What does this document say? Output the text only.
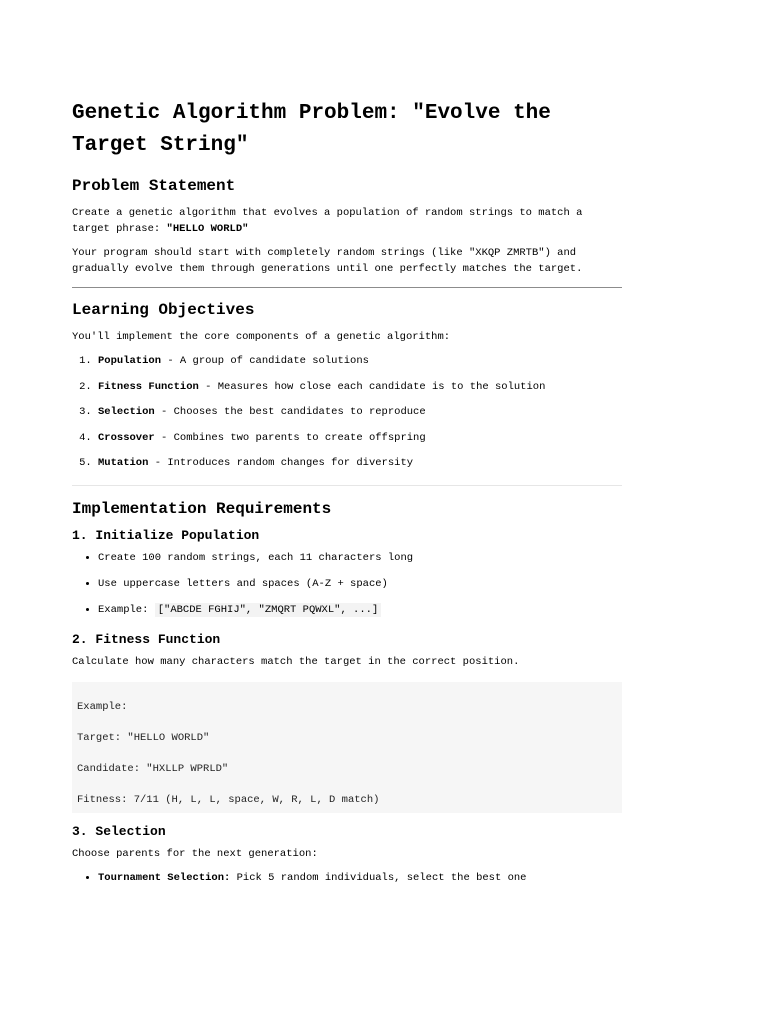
Genetic Algorithm Problem: "Evolve the Target String"
Problem Statement

Create a genetic algorithm that evolves a population of random strings to match a target phrase: "HELLO WORLD"

Your program should start with completely random strings (like "XKQP ZMRTB") and gradually evolve them through generations until one perfectly matches the target.

Learning Objectives

You'll implement the core components of a genetic algorithm:

1. Population - A group of candidate solutions
2. Fitness Function - Measures how close each candidate is to the solution
3. Selection - Chooses the best candidates to reproduce
4. Crossover - Combines two parents to create offspring
5. Mutation - Introduces random changes for diversity
Implementation Requirements
1. Initialize Population
• Create 100 random strings, each 11 characters long
• Use uppercase letters and spaces (A-Z + space)
• Example: ["ABCDE FGHIJ", "ZMQRT PQWXL", ...]
2. Fitness Function

Calculate how many characters match the target in the correct position.

Example:
Target: "HELLO WORLD"
Candidate: "HXLLP WPRLD"
Fitness: 7/11 (H, L, L, space, W, R, L, D match)
3. Selection

Choose parents for the next generation:

• Tournament Selection: Pick 5 random individuals, select the best one
